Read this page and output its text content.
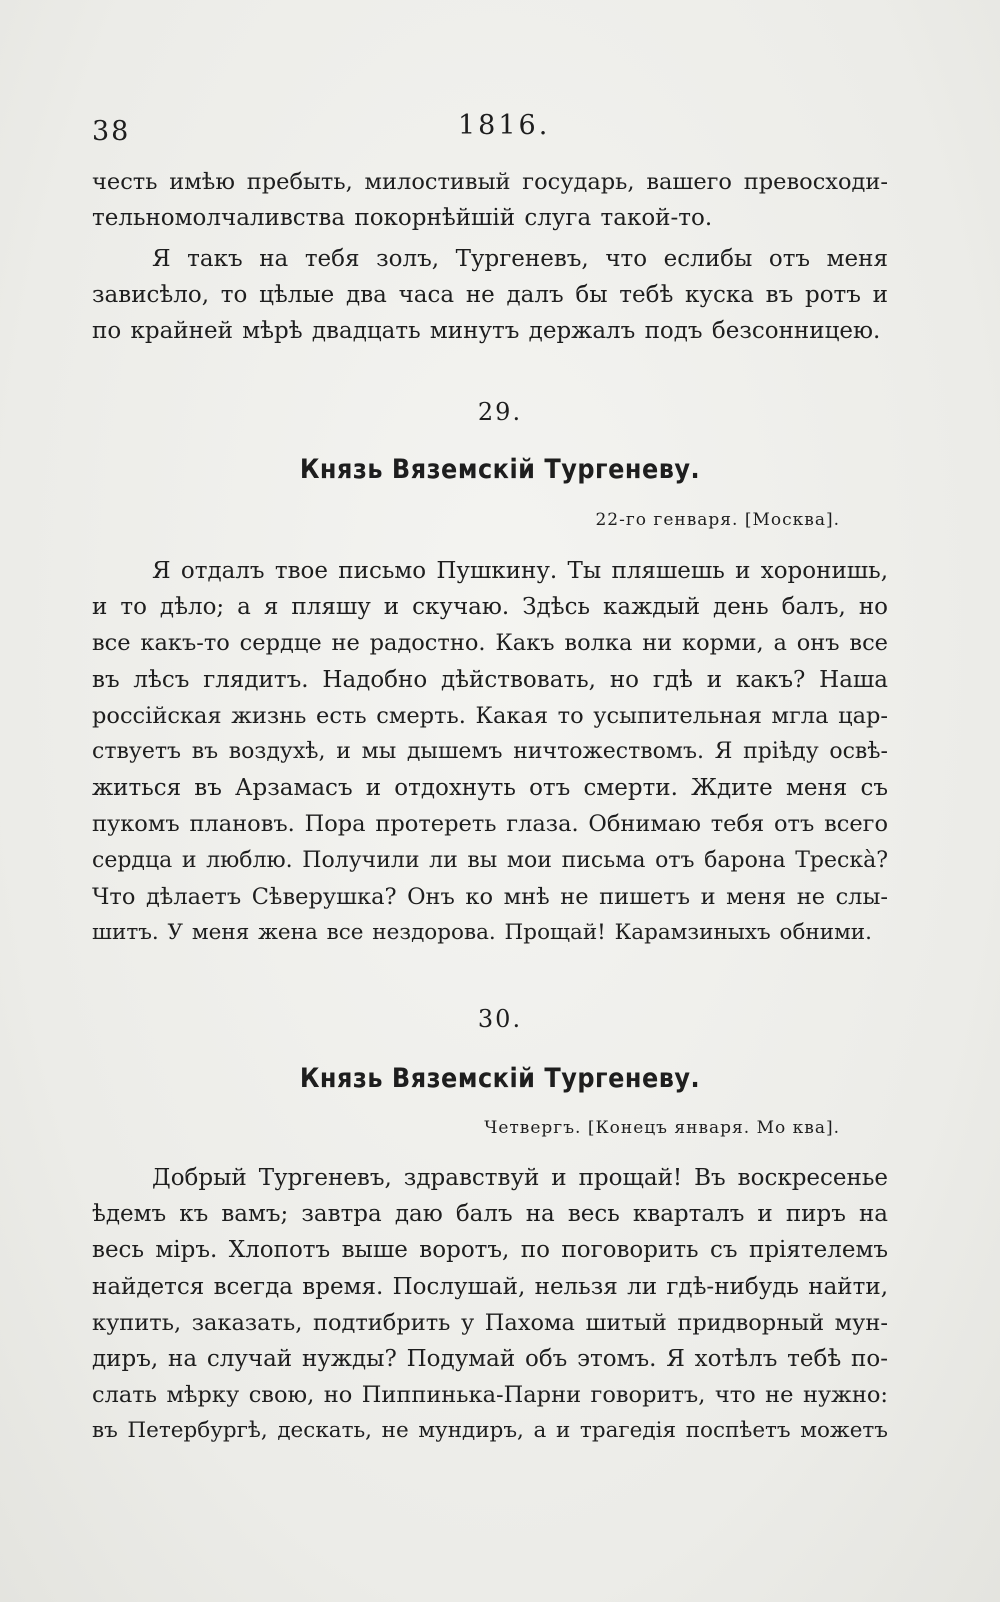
38	1816.
честь имѣю пребыть, милостивый государь, вашего превосходи-
тельномолчаливства покорнѣйшій слуга такой-то.
Я такъ на тебя золъ, Тургеневъ, что еслибы отъ меня
зависѣло, то цѣлые два часа не далъ бы тебѣ куска въ ротъ и
по крайней мѣрѣ двадцать минутъ держалъ подъ безсонницею.
29.
Князь Вяземскій Тургеневу.
22-го генваря. [Москва].
Я отдалъ твое письмо Пушкину. Ты пляшешь и хоронишь,
и то дѣло; а я пляшу и скучаю. Здѣсь каждый день балъ, но
все какъ-то сердце не радостно. Какъ волка ни корми, а онъ все
въ лѣсъ глядитъ. Надобно дѣйствовать, но гдѣ и какъ? Наша
россійская жизнь есть смерть. Какая то усыпительная мгла цар-
ствуетъ въ воздухѣ, и мы дышемъ ничтожествомъ. Я пріѣду освѣ-
житься въ Арзамасъ и отдохнуть отъ смерти. Ждите меня съ
пукомъ плановъ. Пора протереть глаза. Обнимаю тебя отъ всего
сердца и люблю. Получили ли вы мои письма отъ барона Трескà?
Что дѣлаетъ Сѣверушка? Онъ ко мнѣ не пишетъ и меня не слы-
шитъ. У меня жена все нездорова. Прощай! Карамзиныхъ обними.
30.
Князь Вяземскій Тургеневу.
Четвергъ. [Конецъ января. Мо ква].
Добрый Тургеневъ, здравствуй и прощай! Въ воскресенье
ѣдемъ къ вамъ; завтра даю балъ на весь кварталъ и пиръ на
весь міръ. Хлопотъ выше воротъ, по поговорить съ пріятелемъ
найдется всегда время. Послушай, нельзя ли гдѣ-нибудь найти,
купить, заказать, подтибрить у Пахома шитый придворный мун-
диръ, на случай нужды? Подумай объ этомъ. Я хотѣлъ тебѣ по-
слать мѣрку свою, но Пиппинька-Парни говоритъ, что не нужно:
въ Петербургѣ, дескать, не мундиръ, а и трагедія поспѣетъ можетъ
